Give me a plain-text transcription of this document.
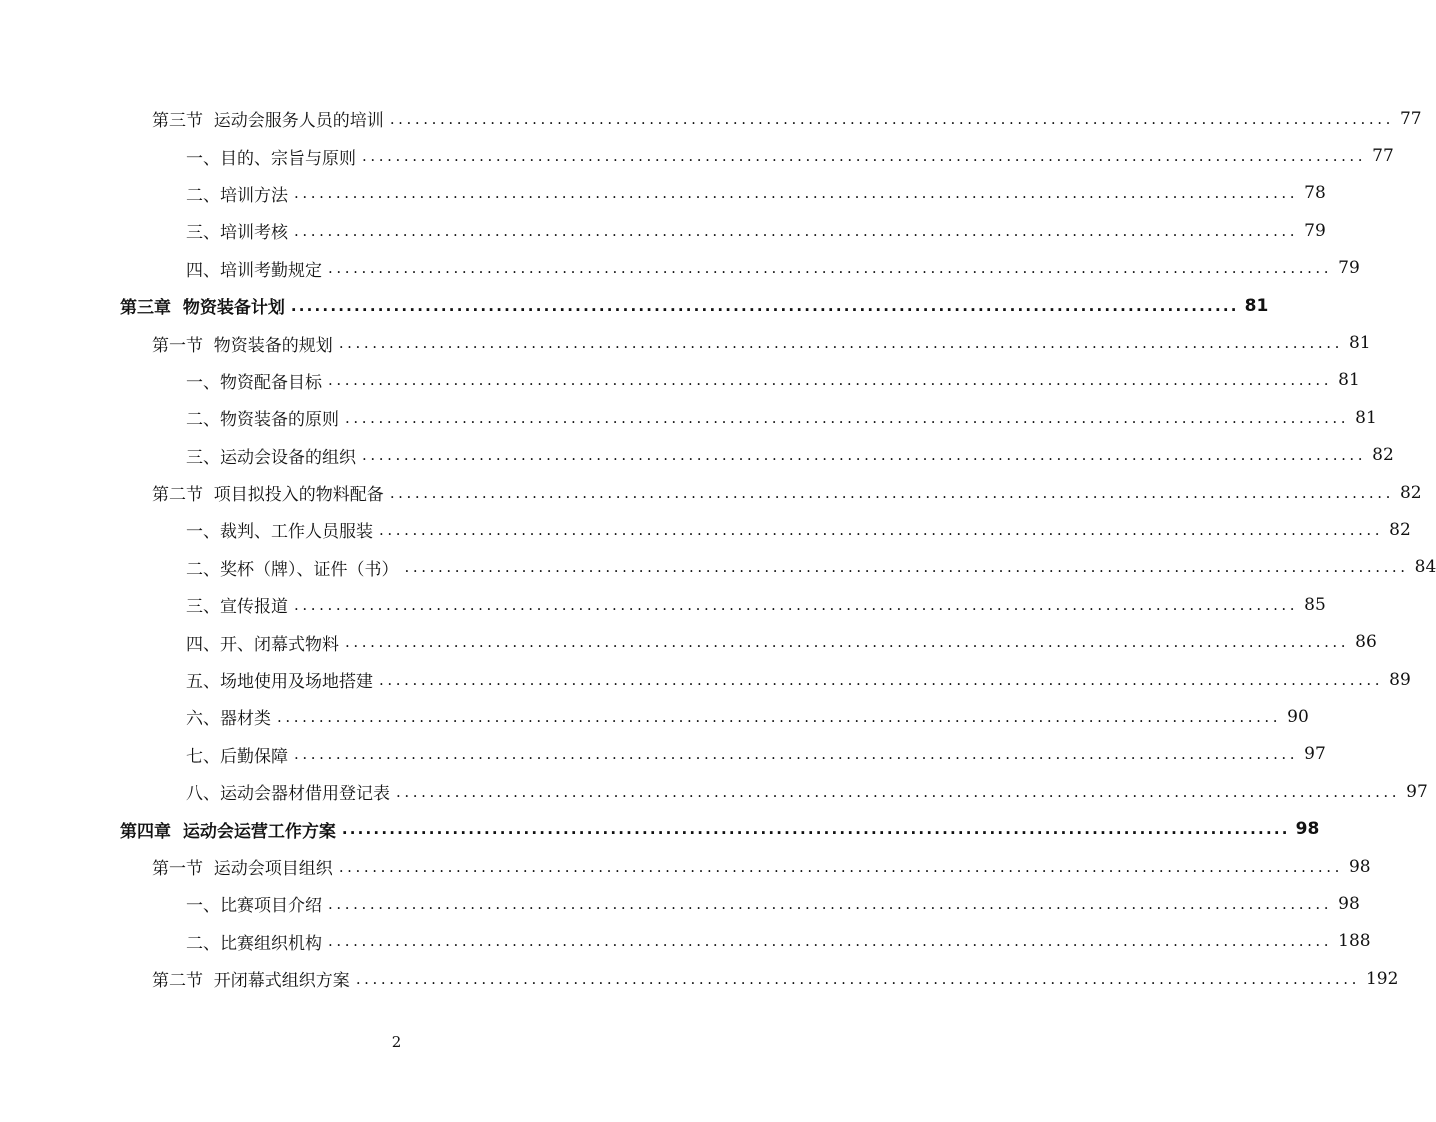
第三节  运动会服务人员的培训 ........................................................................................................................ 77
一、目的、宗旨与原则 ........................................................................................................................ 77
二、培训方法 ........................................................................................................................ 78
三、培训考核 ........................................................................................................................ 79
四、培训考勤规定 ........................................................................................................................ 79
第三章  物资装备计划 ........................................................................................................................ 81
第一节  物资装备的规划 ........................................................................................................................ 81
一、物资配备目标 ........................................................................................................................ 81
二、物资装备的原则 ........................................................................................................................ 81
三、运动会设备的组织 ........................................................................................................................ 82
第二节  项目拟投入的物料配备 ........................................................................................................................ 82
一、裁判、工作人员服装 ........................................................................................................................ 82
二、奖杯（牌）、证件（书） ........................................................................................................................ 84
三、宣传报道 ........................................................................................................................ 85
四、开、闭幕式物料 ........................................................................................................................ 86
五、场地使用及场地搭建 ........................................................................................................................ 89
六、器材类 ........................................................................................................................ 90
七、后勤保障 ........................................................................................................................ 97
八、运动会器材借用登记表 ........................................................................................................................ 97
第四章  运动会运营工作方案 ........................................................................................................................ 98
第一节  运动会项目组织 ........................................................................................................................ 98
一、比赛项目介绍 ........................................................................................................................ 98
二、比赛组织机构 ........................................................................................................................ 188
第二节  开闭幕式组织方案 ........................................................................................................................ 192
2
